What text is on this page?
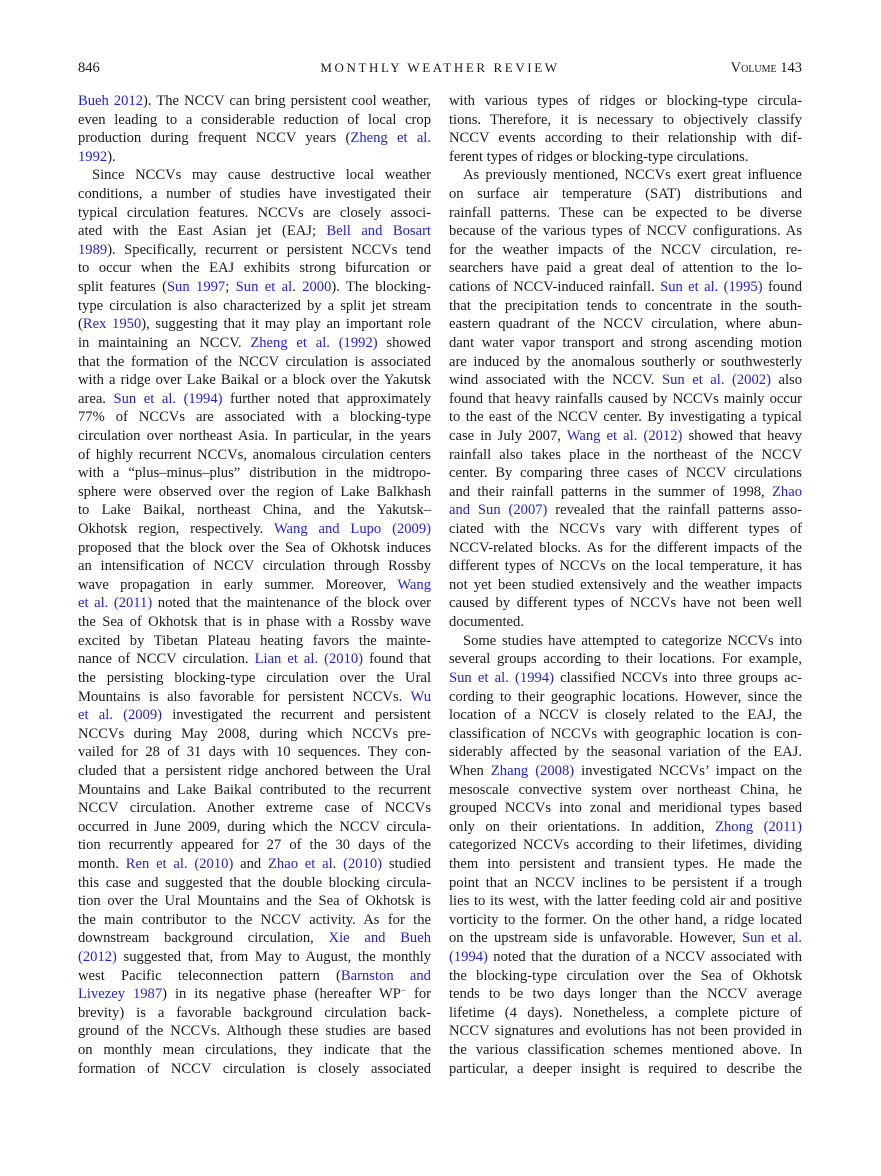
846	MONTHLY WEATHER REVIEW	Volume 143
Bueh 2012). The NCCV can bring persistent cool weather,
even leading to a considerable reduction of local crop
production during frequent NCCV years (Zheng et al.
1992).
Since NCCVs may cause destructive local weather
conditions, a number of studies have investigated their
typical circulation features. NCCVs are closely associ-
ated with the East Asian jet (EAJ; Bell and Bosart
1989). Specifically, recurrent or persistent NCCVs tend
to occur when the EAJ exhibits strong bifurcation or
split features (Sun 1997; Sun et al. 2000). The blocking-
type circulation is also characterized by a split jet stream
(Rex 1950), suggesting that it may play an important role
in maintaining an NCCV. Zheng et al. (1992) showed
that the formation of the NCCV circulation is associated
with a ridge over Lake Baikal or a block over the Yakutsk
area. Sun et al. (1994) further noted that approximately
77% of NCCVs are associated with a blocking-type
circulation over northeast Asia. In particular, in the years
of highly recurrent NCCVs, anomalous circulation centers
with a “plus–minus–plus” distribution in the midtropo-
sphere were observed over the region of Lake Balkhash
to Lake Baikal, northeast China, and the Yakutsk–
Okhotsk region, respectively. Wang and Lupo (2009)
proposed that the block over the Sea of Okhotsk induces
an intensification of NCCV circulation through Rossby
wave propagation in early summer. Moreover, Wang
et al. (2011) noted that the maintenance of the block over
the Sea of Okhotsk that is in phase with a Rossby wave
excited by Tibetan Plateau heating favors the mainte-
nance of NCCV circulation. Lian et al. (2010) found that
the persisting blocking-type circulation over the Ural
Mountains is also favorable for persistent NCCVs. Wu
et al. (2009) investigated the recurrent and persistent
NCCVs during May 2008, during which NCCVs pre-
vailed for 28 of 31 days with 10 sequences. They con-
cluded that a persistent ridge anchored between the Ural
Mountains and Lake Baikal contributed to the recurrent
NCCV circulation. Another extreme case of NCCVs
occurred in June 2009, during which the NCCV circula-
tion recurrently appeared for 27 of the 30 days of the
month. Ren et al. (2010) and Zhao et al. (2010) studied
this case and suggested that the double blocking circula-
tion over the Ural Mountains and the Sea of Okhotsk is
the main contributor to the NCCV activity. As for the
downstream background circulation, Xie and Bueh
(2012) suggested that, from May to August, the monthly
west Pacific teleconnection pattern (Barnston and
Livezey 1987) in its negative phase (hereafter WP− for
brevity) is a favorable background circulation back-
ground of the NCCVs. Although these studies are based
on monthly mean circulations, they indicate that the
formation of NCCV circulation is closely associated
with various types of ridges or blocking-type circula-
tions. Therefore, it is necessary to objectively classify
NCCV events according to their relationship with dif-
ferent types of ridges or blocking-type circulations.
As previously mentioned, NCCVs exert great influence
on surface air temperature (SAT) distributions and
rainfall patterns. These can be expected to be diverse
because of the various types of NCCV configurations. As
for the weather impacts of the NCCV circulation, re-
searchers have paid a great deal of attention to the lo-
cations of NCCV-induced rainfall. Sun et al. (1995) found
that the precipitation tends to concentrate in the south-
eastern quadrant of the NCCV circulation, where abun-
dant water vapor transport and strong ascending motion
are induced by the anomalous southerly or southwesterly
wind associated with the NCCV. Sun et al. (2002) also
found that heavy rainfalls caused by NCCVs mainly occur
to the east of the NCCV center. By investigating a typical
case in July 2007, Wang et al. (2012) showed that heavy
rainfall also takes place in the northeast of the NCCV
center. By comparing three cases of NCCV circulations
and their rainfall patterns in the summer of 1998, Zhao
and Sun (2007) revealed that the rainfall patterns asso-
ciated with the NCCVs vary with different types of
NCCV-related blocks. As for the different impacts of the
different types of NCCVs on the local temperature, it has
not yet been studied extensively and the weather impacts
caused by different types of NCCVs have not been well
documented.
Some studies have attempted to categorize NCCVs into
several groups according to their locations. For example,
Sun et al. (1994) classified NCCVs into three groups ac-
cording to their geographic locations. However, since the
location of a NCCV is closely related to the EAJ, the
classification of NCCVs with geographic location is con-
siderably affected by the seasonal variation of the EAJ.
When Zhang (2008) investigated NCCVs’ impact on the
mesoscale convective system over northeast China, he
grouped NCCVs into zonal and meridional types based
only on their orientations. In addition, Zhong (2011)
categorized NCCVs according to their lifetimes, dividing
them into persistent and transient types. He made the
point that an NCCV inclines to be persistent if a trough
lies to its west, with the latter feeding cold air and positive
vorticity to the former. On the other hand, a ridge located
on the upstream side is unfavorable. However, Sun et al.
(1994) noted that the duration of a NCCV associated with
the blocking-type circulation over the Sea of Okhotsk
tends to be two days longer than the NCCV average
lifetime (4 days). Nonetheless, a complete picture of
NCCV signatures and evolutions has not been provided in
the various classification schemes mentioned above. In
particular, a deeper insight is required to describe the
